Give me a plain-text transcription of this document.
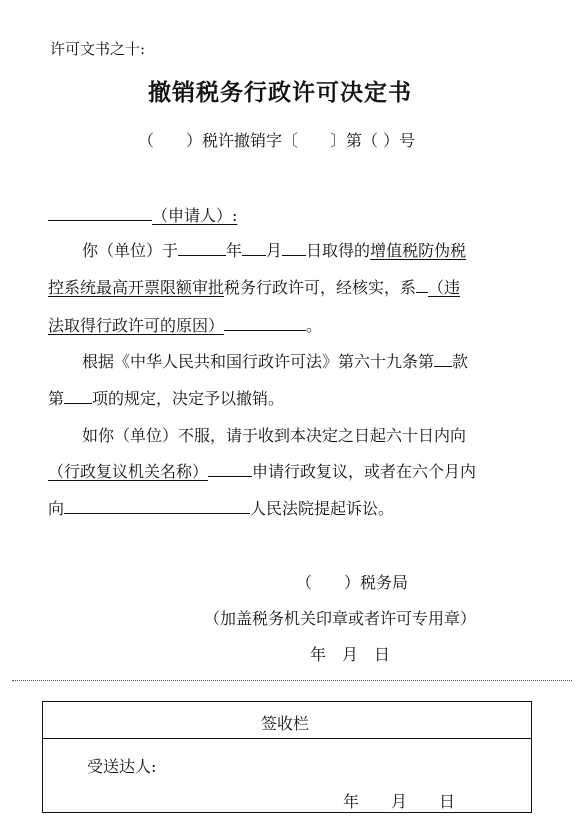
许可文书之十:
撤销税务行政许可决定书
（　　）税许撤销字〔　　〕第（ ）号
（申请人）:
你（单位）于	年 月 日取得的增值税防伪税
控系统最高开票限额审批税务行政许可，经核实，系 （违
法取得行政许可的原因）	。
根据《中华人民共和国行政许可法》第六十九条第 款
第 项的规定，决定予以撤销。
如你（单位）不服，请于收到本决定之日起六十日内向
（行政复议机关名称）	申请行政复议，或者在六个月内
向	人民法院提起诉讼。
（　　）税务局
（加盖税务机关印章或者许可专用章）
年　月　日
签收栏
受送达人:
年　　月　　日
